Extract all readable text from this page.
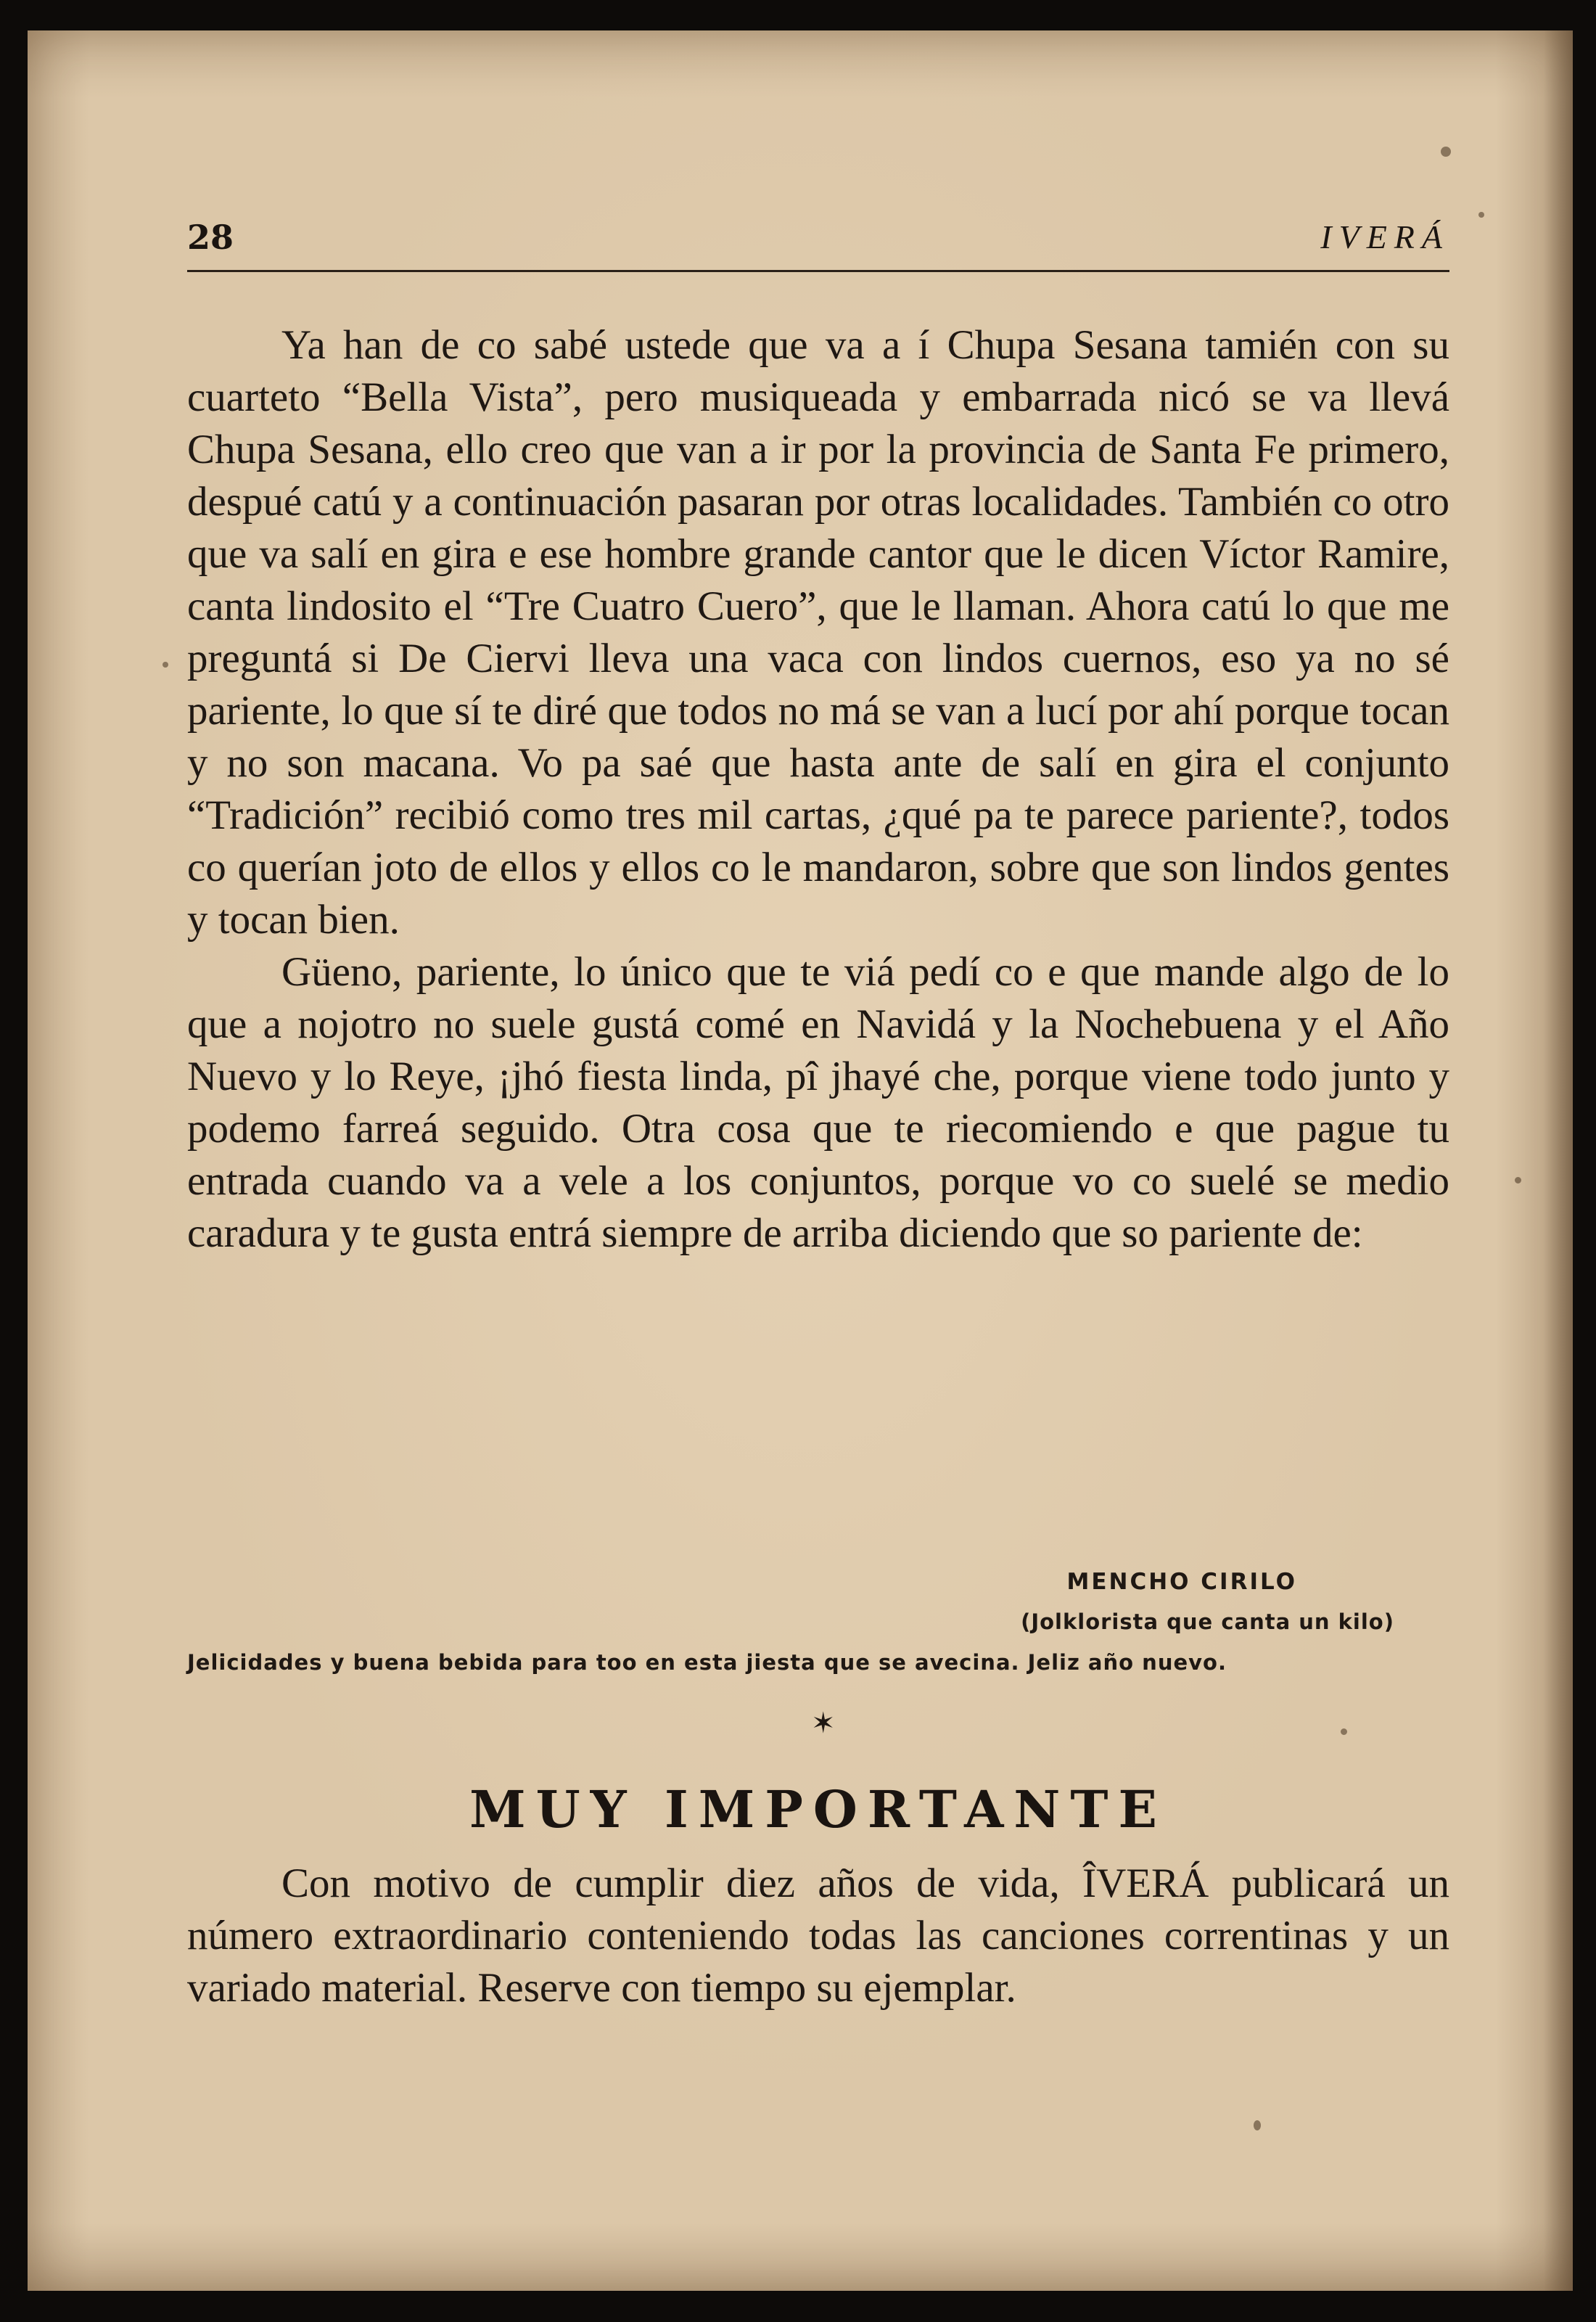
28	IVERÁ

Ya han de co sabé ustede que va a í Chupa Sesana tamién con su cuarteto “Bella Vista”, pero musiqueada y embarrada nicó se va llevá Chupa Sesana, ello creo que van a ir por la provincia de Santa Fe primero, despué catú y a continuación pasaran por otras localidades. También co otro que va salí en gira e ese hombre grande cantor que le dicen Víctor Ramire, canta lindosito el “Tre Cuatro Cuero”, que le llaman. Ahora catú lo que me preguntá si De Ciervi lleva una vaca con lindos cuernos, eso ya no sé pariente, lo que sí te diré que todos no má se van a lucí por ahí porque tocan y no son macana. Vo pa saé que hasta ante de salí en gira el conjunto “Tradición” recibió como tres mil cartas, ¿qué pa te parece pariente?, todos co querían joto de ellos y ellos co le mandaron, sobre que son lindos gentes y tocan bien.

Güeno, pariente, lo único que te viá pedí co e que mande algo de lo que a nojotro no suele gustá comé en Navidá y la Nochebuena y el Año Nuevo y lo Reye, ¡jhó fiesta linda, pî jhayé che, porque viene todo junto y podemo farreá seguido. Otra cosa que te riecomiendo e que pague tu entrada cuando va a vele a los conjuntos, porque vo co suelé se medio caradura y te gusta entrá siempre de arriba diciendo que so pariente de:

MENCHO CIRILO
(Jolklorista que canta un kilo)
Jelicidades y buena bebida para too en esta jiesta que se avecina. Jeliz año nuevo.
✶
MUY IMPORTANTE

Con motivo de cumplir diez años de vida, ÎVERÁ publicará un número extraordinario conteniendo todas las canciones correntinas y un variado material. Reserve con tiempo su ejemplar.
